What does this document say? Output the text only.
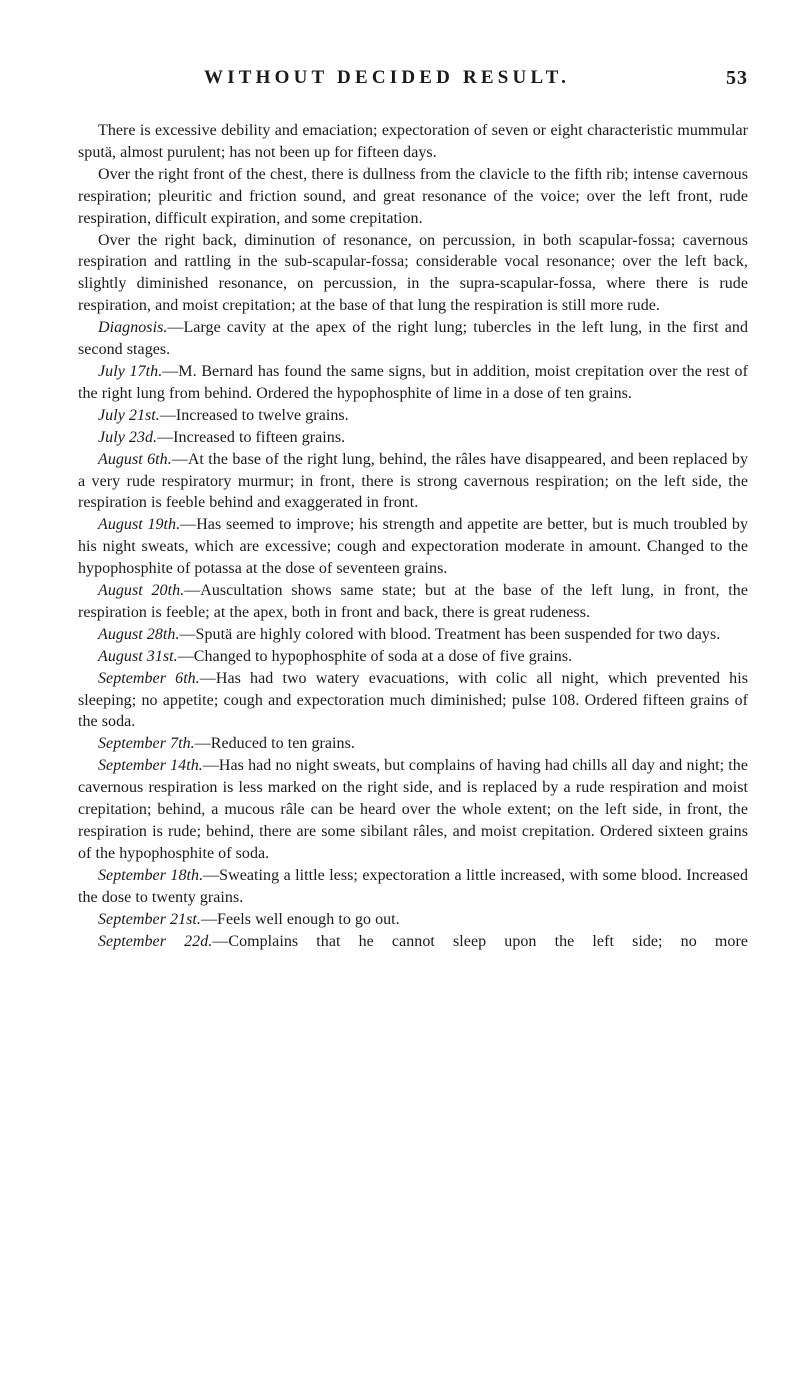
WITHOUT DECIDED RESULT.	53

There is excessive debility and emaciation; expectoration of seven or eight characteristic mummular sputä, almost purulent; has not been up for fifteen days.

Over the right front of the chest, there is dullness from the clavicle to the fifth rib; intense cavernous respiration; pleuritic and friction sound, and great resonance of the voice; over the left front, rude respiration, difficult expiration, and some crepitation.

Over the right back, diminution of resonance, on percussion, in both scapular-fossa; cavernous respiration and rattling in the sub-scapular-fossa; considerable vocal resonance; over the left back, slightly diminished resonance, on percussion, in the supra-scapular-fossa, where there is rude respiration, and moist crepitation; at the base of that lung the respiration is still more rude.

Diagnosis.—Large cavity at the apex of the right lung; tubercles in the left lung, in the first and second stages.

July 17th.—M. Bernard has found the same signs, but in addition, moist crepitation over the rest of the right lung from behind. Ordered the hypophosphite of lime in a dose of ten grains.

July 21st.—Increased to twelve grains.

July 23d.—Increased to fifteen grains.

August 6th.—At the base of the right lung, behind, the râles have disappeared, and been replaced by a very rude respiratory murmur; in front, there is strong cavernous respiration; on the left side, the respiration is feeble behind and exaggerated in front.

August 19th.—Has seemed to improve; his strength and appetite are better, but is much troubled by his night sweats, which are excessive; cough and expectoration moderate in amount. Changed to the hypophosphite of potassa at the dose of seventeen grains.

August 20th.—Auscultation shows same state; but at the base of the left lung, in front, the respiration is feeble; at the apex, both in front and back, there is great rudeness.

August 28th.—Sputä are highly colored with blood. Treatment has been suspended for two days.

August 31st.—Changed to hypophosphite of soda at a dose of five grains.

September 6th.—Has had two watery evacuations, with colic all night, which prevented his sleeping; no appetite; cough and expectoration much diminished; pulse 108. Ordered fifteen grains of the soda.

September 7th.—Reduced to ten grains.

September 14th.—Has had no night sweats, but complains of having had chills all day and night; the cavernous respiration is less marked on the right side, and is replaced by a rude respiration and moist crepitation; behind, a mucous râle can be heard over the whole extent; on the left side, in front, the respiration is rude; behind, there are some sibilant râles, and moist crepitation. Ordered sixteen grains of the hypophosphite of soda.

September 18th.—Sweating a little less; expectoration a little increased, with some blood. Increased the dose to twenty grains.

September 21st.—Feels well enough to go out.

September 22d.—Complains that he cannot sleep upon the left side; no more
